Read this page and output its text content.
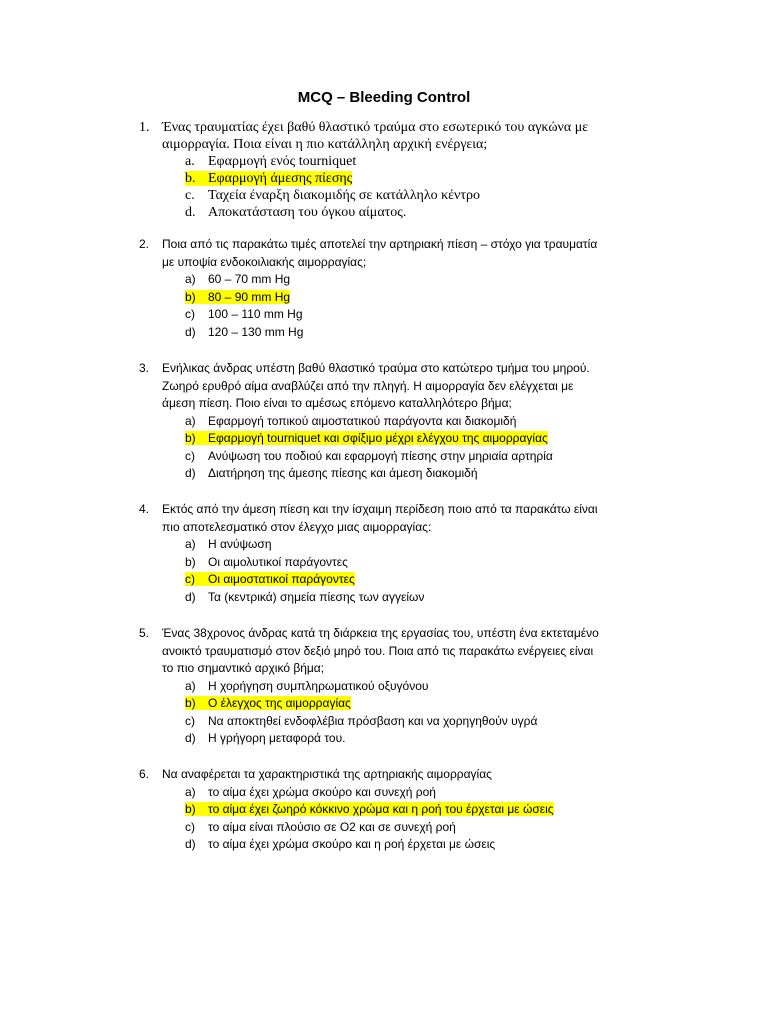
MCQ – Bleeding Control
1. Ένας τραυματίας έχει βαθύ θλαστικό τραύμα στο εσωτερικό του αγκώνα με
αιμορραγία. Ποια είναι η πιο κατάλληλη αρχική ενέργεια;
a. Εφαρμογή ενός tourniquet
b. Εφαρμογή άμεσης πίεσης
c. Ταχεία έναρξη διακομιδής σε κατάλληλο κέντρο
d. Αποκατάσταση του όγκου αίματος.
2. Ποια από τις παρακάτω τιμές αποτελεί την αρτηριακή πίεση – στόχο για τραυματία
με υποψία ενδοκοιλιακής αιμορραγίας;
a) 60 – 70 mm Hg
b) 80 – 90 mm Hg
c) 100 – 110 mm Hg
d) 120 – 130 mm Hg
3. Ενήλικας άνδρας υπέστη βαθύ θλαστικό τραύμα στο κατώτερο τμήμα του μηρού.
Ζωηρό ερυθρό αίμα αναβλύζει από την πληγή. Η αιμορραγία δεν ελέγχεται με
άμεση πίεση. Ποιο είναι το αμέσως επόμενο καταλληλότερο βήμα;
a) Εφαρμογή τοπικού αιμοστατικού παράγοντα και διακομιδή
b) Εφαρμογή tourniquet και σφίξιμο μέχρι ελέγχου της αιμορραγίας
c) Ανύψωση του ποδιού και εφαρμογή πίεσης στην μηριαία αρτηρία
d) Διατήρηση της άμεσης πίεσης και άμεση διακομιδή
4. Εκτός από την άμεση πίεση και την ίσχαιμη περίδεση ποιο από τα παρακάτω είναι
πιο αποτελεσματικό στον έλεγχο μιας αιμορραγίας:
a) Η ανύψωση
b) Οι αιμολυτικοί παράγοντες
c) Οι αιμοστατικοί παράγοντες
d) Τα (κεντρικά) σημεία πίεσης των αγγείων
5. Ένας 38χρονος άνδρας κατά τη διάρκεια της εργασίας του, υπέστη ένα εκτεταμένο
ανοικτό τραυματισμό στον δεξιό μηρό του. Ποια από τις παρακάτω ενέργειες είναι
το πιο σημαντικό αρχικό βήμα;
a) Η χορήγηση συμπληρωματικού οξυγόνου
b) Ο έλεγχος της αιμορραγίας
c) Να αποκτηθεί ενδοφλέβια πρόσβαση και να χορηγηθούν υγρά
d) Η γρήγορη μεταφορά του.
6. Να αναφέρεται τα χαρακτηριστικά της αρτηριακής αιμορραγίας
a) το αίμα έχει χρώμα σκούρο και συνεχή ροή
b) το αίμα έχει ζωηρό κόκκινο χρώμα και η ροή του έρχεται με ώσεις
c) το αίμα είναι πλούσιο σε Ο2 και σε συνεχή ροή
d) το αίμα έχει χρώμα σκούρο και η ροή έρχεται με ώσεις
